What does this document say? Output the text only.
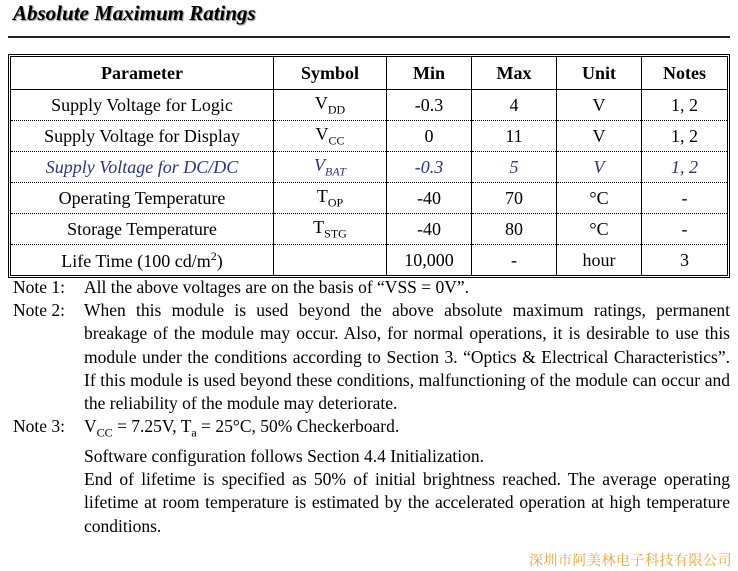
Absolute Maximum Ratings
Parameter	Symbol	Min	Max	Unit	Notes
Supply Voltage for Logic	$V_{DD}$	-0.3	4	V	1, 2
Supply Voltage for Display	$V_{CC}$	0	11	V	1, 2
Supply Voltage for DC/DC	$V_{BAT}$	-0.3	5	V	1, 2
Operating Temperature	$T_{OP}$	-40	70	°C	-
Storage Temperature	$T_{STG}$	-40	80	°C	-
Life Time (100 $cd/m^2$)		10,000	-	hour	3
Note 1:	All the above voltages are on the basis of “VSS = 0V”.
Note 2:	When this module is used beyond the above absolute maximum ratings, permanent breakage of the module may occur. Also, for normal operations, it is desirable to use this module under the conditions according to Section 3. “Optics & Electrical Characteristics”. If this module is used beyond these conditions, malfunctioning of the module can occur and the reliability of the module may deteriorate.
Note 3:	$V_{CC} = 7.25V$, $T_a = 25^\circ C$, 50% Checkerboard.

Software configuration follows Section 4.4 Initialization.

End of lifetime is specified as 50% of initial brightness reached. The average operating lifetime at room temperature is estimated by the accelerated operation at high temperature conditions.

深圳市阿美林电子科技有限公司
